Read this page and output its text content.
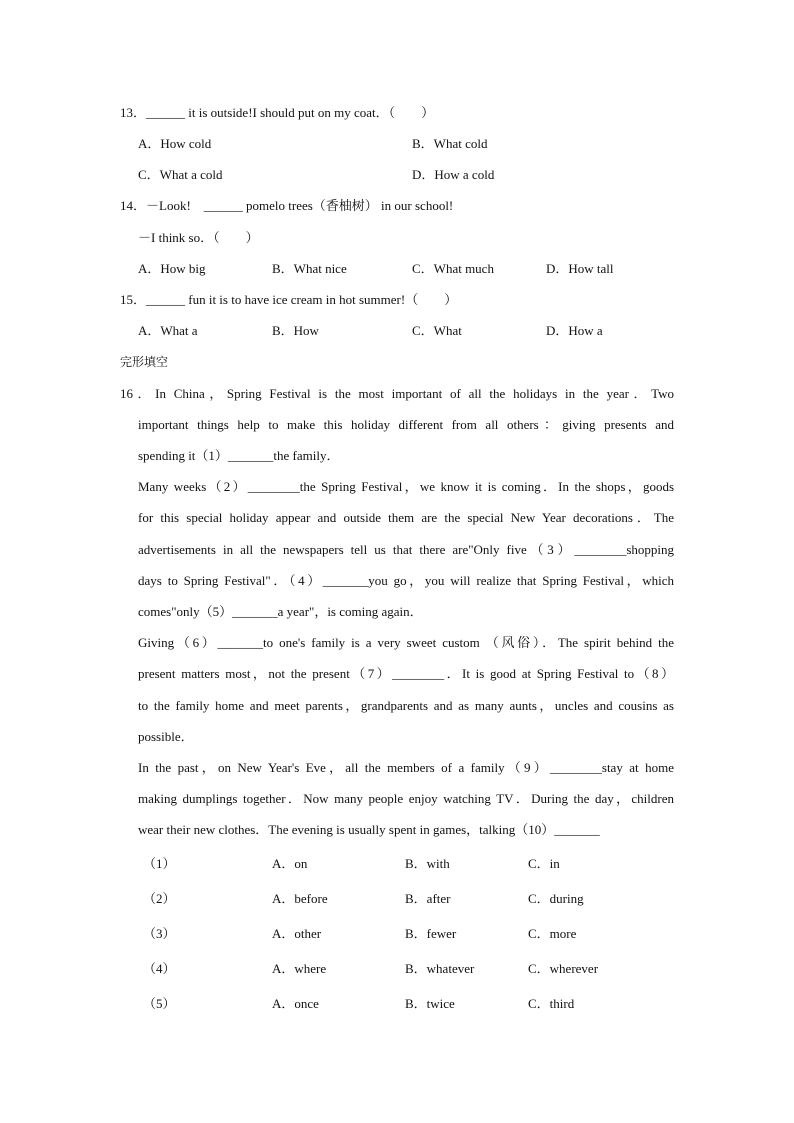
13．______ it is outside!I should put on my coat．（　　）
A．How cold	B．What cold
C．What a cold	D．How a cold
14．－Look!　______ pomelo trees（香柚树） in our school!
－I think so．（　　）
A．How big	B．What nice	C．What much	D．How tall
15．______ fun it is to have ice cream in hot summer!（　　）
A．What a	B．How	C．What	D．How a
完形填空
16．In China，Spring Festival is the most important of all the holidays in the year．Two
important things help to make this holiday different from all others：giving presents and
spending it（1）_______the family．
Many weeks（2）________the Spring Festival，we know it is coming．In the shops，goods
for this special holiday appear and outside them are the special New Year decorations．The
advertisements in all the newspapers tell us that there are"Only five（3）________shopping
days to Spring Festival"．（4）_______you go，you will realize that Spring Festival，which
comes"only（5）_______a year"，is coming again．
Giving（6）_______to one's family is a very sweet custom （风俗）．The spirit behind the
present matters most，not the present（7）________．It is good at Spring Festival to（8）
to the family home and meet parents，grandparents and as many aunts，uncles and cousins as
possible．
In the past，on New Year's Eve，all the members of a family（9）________stay at home
making dumplings together．Now many people enjoy watching TV．During the day，children
wear their new clothes．The evening is usually spent in games，talking（10）_______
（1）	A．on	B．with	C．in
（2）	A．before	B．after	C．during
（3）	A．other	B．fewer	C．more
（4）	A．where	B．whatever	C．wherever
（5）	A．once	B．twice	C．third
